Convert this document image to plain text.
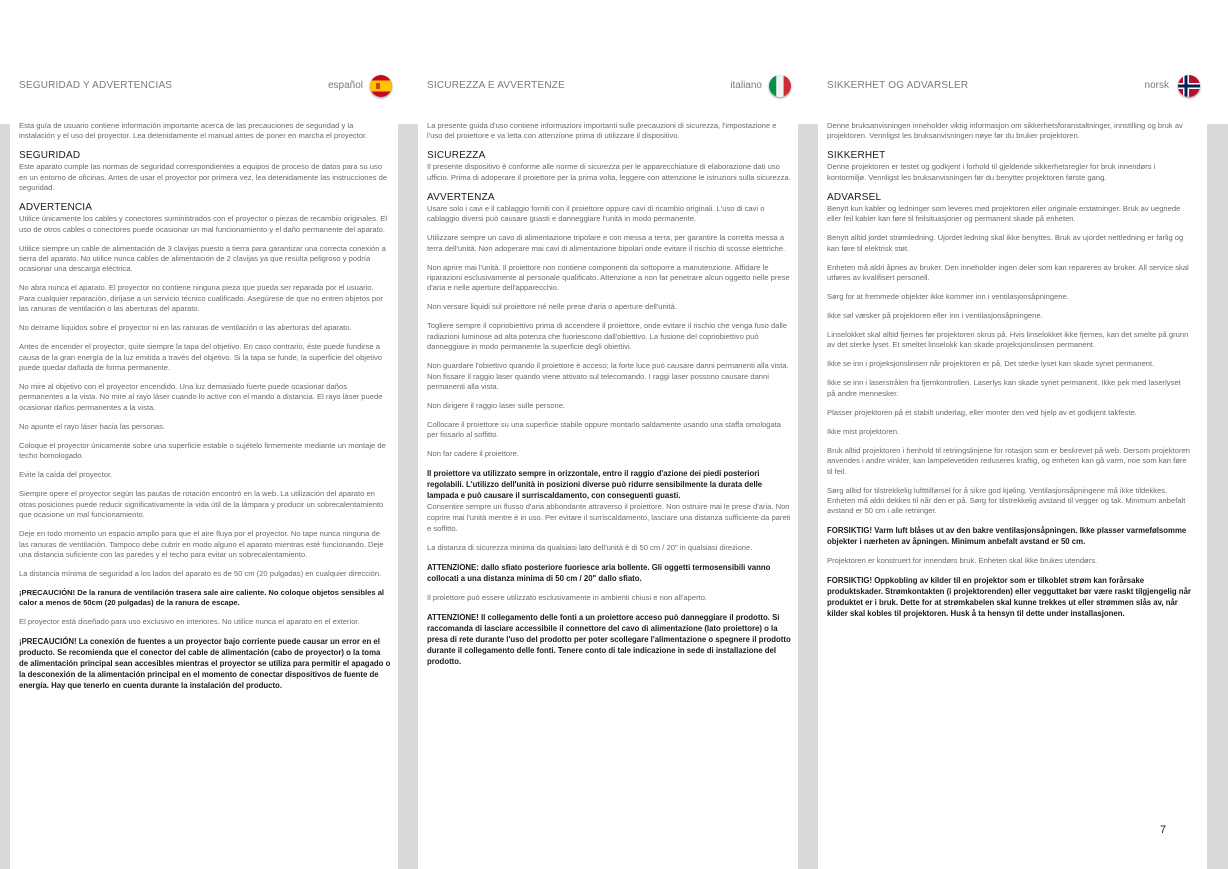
SEGURIDAD Y ADVERTENCIAS	español	SICUREZZA E AVVERTENZE	italiano	SIKKERHET OG ADVARSLER	norsk

Esta guía de usuario contiene información importante acerca de las precauciones de seguridad y la instalación y el uso del proyector. Lea detenidamente el manual antes de poner en marcha el proyector.

SEGURIDAD

Este aparato cumple las normas de seguridad correspondientes a equipos de proceso de datos para su uso en un entorno de oficinas. Antes de usar el proyector por primera vez, lea detenidamente las instrucciones de seguridad.

ADVERTENCIA

Utilice únicamente los cables y conectores suministrados con el proyector o piezas de recambio originales. El uso de otros cables o conectores puede ocasionar un mal funcionamiento y el daño permanente del aparato.

Utilice siempre un cable de alimentación de 3 clavijas puesto a tierra para garantizar una correcta conexión a tierra del aparato. No utilice nunca cables de alimentación de 2 clavijas ya que resulta peligroso y podría ocasionar una descarga eléctrica.

No abra nunca el aparato. El proyector no contiene ninguna pieza que pueda ser reparada por el usuario. Para cualquier reparación, diríjase a un servicio técnico cualificado. Asegúrese de que no entren objetos por las ranuras de ventilación o las aberturas del aparato.

No derrame líquidos sobre el proyector ni en las ranuras de ventilación o las aberturas del aparato.

Antes de encender el proyector, quite siempre la tapa del objetivo. En caso contrario, éste puede fundirse a causa de la gran energía de la luz emitida a través del objetivo. Si la tapa se funde, la superficie del objetivo puede quedar dañada de forma permanente.

No mire al objetivo con el proyector encendido. Una luz demasiado fuerte puede ocasionar daños permanentes a la vista. No mire al rayo láser cuando lo active con el mando a distancia. El rayo láser puede ocasionar daños permanentes a la vista.

No apunte el rayo láser hacia las personas.

Coloque el proyector únicamente sobre una superficie estable o sujételo firmemente mediante un montaje de techo homologado.

Evite la caída del proyector.

Siempre opere el proyector según las pautas de rotación encontró en la web. La utilización del aparato en otras posiciones puede reducir significativamente la vida útil de la lámpara y producir un sobrecalentamiento que ocasione un mal funcionamiento.

Deje en todo momento un espacio amplio para que el aire fluya por el proyector. No tape nunca ninguna de las ranuras de ventilación. Tampoco debe cubrir en modo alguno el aparato mientras esté funcionando. Deje una distancia suficiente con las paredes y el techo para evitar un sobrecalentamiento.

La distancia mínima de seguridad a los lados del aparato es de 50 cm (20 pulgadas) en cualquier dirección.

¡PRECAUCIÓN! De la ranura de ventilación trasera sale aire caliente. No coloque objetos sensibles al calor a menos de 50cm (20 pulgadas) de la ranura de escape.

El proyector está diseñado para uso exclusivo en interiores. No utilice nunca el aparato en el exterior.

¡PRECAUCIÓN! La conexión de fuentes a un proyector bajo corriente puede causar un error en el producto. Se recomienda que el conector del cable de alimentación (cabo de proyector) o la toma de alimentación principal sean accesibles mientras el proyector se utiliza para permitir el apagado o la desconexión de la alimentación principal en el momento de conectar dispositivos de fuente de energía. Hay que tenerlo en cuenta durante la instalación del producto.

La presente guida d'uso contiene informazioni importanti sulle precauzioni di sicurezza, l'impostazione e l'uso del proiettore e va letta con attenzione prima di utilizzare il dispositivo.

SICUREZZA

Il presente dispositivo è conforme alle norme di sicurezza per le apparecchiature di elaborazione dati uso ufficio. Prima di adoperare il proiettore per la prima volta, leggere con attenzione le istruzioni sulla sicurezza.

AVVERTENZA

Usare solo i cavi e il cablaggio forniti con il proiettore oppure cavi di ricambio originali. L'uso di cavi o cablaggio diversi può causare guasti e danneggiare l'unità in modo permanente.

Utilizzare sempre un cavo di alimentazione tripolare e con messa a terra, per garantire la corretta messa a terra dell'unità. Non adoperare mai cavi di alimentazione bipolari onde evitare il rischio di scosse elettriche.

Non aprire mai l'unità. Il proiettore non contiene componenti da sottoporre a manutenzione. Affidare le riparazioni esclusivamente al personale qualificato. Attenzione a non far penetrare alcun oggetto nelle prese d'aria e nelle aperture dell'apparecchio.

Non versare liquidi sul proiettore né nelle prese d'aria o aperture dell'unità.

Togliere sempre il copriobiettivo prima di accendere il proiettore, onde evitare il rischio che venga fuso dalle radiazioni luminose ad alta potenza che fuoriescono dall'obiettivo. La fusione del copriobiettivo può danneggiare in modo permanente la superficie degli obiettivi.

Non guardare l'obiettivo quando il proiettore è acceso; la forte luce può causare danni permanenti alla vista. Non fissare il raggio laser quando viene attivato sul telecomando. I raggi laser possono causare danni permanenti alla vista.

Non dirigere il raggio laser sulle persone.

Collocare il proiettore su una superficie stabile oppure montarlo saldamente usando una staffa omologata per fissarlo al soffitto.

Non far cadere il proiettore.

Il proiettore va utilizzato sempre in orizzontale, entro il raggio d'azione dei piedi posteriori regolabili. L'utilizzo dell'unità in posizioni diverse può ridurre sensibilmente la durata delle lampada e può causare il surriscaldamento, con conseguenti guasti.
Consentire sempre un flusso d'aria abbondante attraverso il proiettore. Non ostruire mai le prese d'aria. Non coprire mai l'unità mentre è in uso. Per evitare il surriscaldamento, lasciare una distanza sufficiente da pareti e soffitto.

La distanza di sicurezza minima da qualsiasi lato dell'unità è di 50 cm / 20" in qualsiasi direzione.

ATTENZIONE: dallo sfiato posteriore fuoriesce aria bollente. Gli oggetti termosensibili vanno collocati a una distanza minima di 50 cm / 20" dallo sfiato.

Il proiettore può essere utilizzato esclusivamente in ambienti chiusi e non all'aperto.

ATTENZIONE! Il collegamento delle fonti a un proiettore acceso può danneggiare il prodotto. Si raccomanda di lasciare accessibile il connettore del cavo di alimentazione (lato proiettore) o la presa di rete durante l'uso del prodotto per poter scollegare l'alimentazione o spegnere il prodotto durante il collegamento delle fonti. Tenere conto di tale indicazione in sede di installazione del prodotto.

Denne bruksanvisningen inneholder viktig informasjon om sikkerhetsforanstaltninger, innstilling og bruk av projektoren. Vennligst les bruksanvisningen nøye før du bruker projektoren.

SIKKERHET

Denne projektoren er testet og godkjent i forhold til gjeldende sikkerhetsregler for bruk innendørs i kontormiljø. Vennligst les bruksanvisningen før du benytter projektoren første gang.

ADVARSEL

Benytt kun kabler og ledninger som leveres med projektoren eller originale erstatninger. Bruk av uegnede eller feil kabler kan føre til feilsituasjoner og permanent skade på enheten.

Benytt alltid jordet strømledning. Ujordet ledning skal ikke benyttes. Bruk av ujordet nettledning er farlig og kan føre til elektrisk støt.

Enheten må aldri åpnes av bruker. Den inneholder ingen deler som kan repareres av bruker. All service skal utføres av kvalifisert personell.

Sørg for at fremmede objekter ikke kommer inn i ventilasjonsåpningene.

Ikke søl væsker på projektoren eller inn i ventilasjonsåpningene.

Linselokket skal alltid fjernes før projektoren skrus på. Hvis linselokket ikke fjernes, kan det smelte på grunn av det sterke lyset. Et smeltet linselokk kan skade projeksjonslinsen permanent.

Ikke se inn i projeksjonslinsen når projektoren er på. Det sterke lyset kan skade synet permanent.

Ikke se inn i laserstrålen fra fjernkontrollen. Laserlys kan skade synet permanent. Ikke pek med laserlyset på andre mennesker.

Plasser projektoren på et stabilt underlag, eller monter den ved hjelp av et godkjent takfeste.

Ikke mist projektoren.

Bruk alltid projektoren i henhold til retningslinjene for rotasjon som er beskrevet på web. Dersom projektoren anvendes i andre vinkler, kan lampelevetiden reduseres kraftig, og enheten kan gå varm, noe som kan føre til feil.

Sørg alltid for tilstrekkelig luftttilførsel for å sikre god kjøling. Ventilasjonsåpningene må ikke tildekkes. Enheten må aldri dekkes til når den er på. Sørg for tilstrekkelig avstand til vegger og tak. Minimum anbefalt avstand er 50 cm i alle retninger.

FORSIKTIG! Varm luft blåses ut av den bakre ventilasjonsåpningen. Ikke plasser varmefølsomme objekter i nærheten av åpningen. Minimum anbefalt avstand er 50 cm.

Projektoren er konstruert for innendørs bruk. Enheten skal ikke brukes utendørs.

FORSIKTIG! Oppkobling av kilder til en projektor som er tilkoblet strøm kan forårsake produktskader. Strømkontakten (i projektorenden) eller vegguttaket bør være raskt tilgjengelig når produktet er i bruk. Dette for at strømkabelen skal kunne trekkes ut eller strømmen slås av, når kilder skal kobles til projektoren. Husk å ta hensyn til dette under installasjonen.

7
